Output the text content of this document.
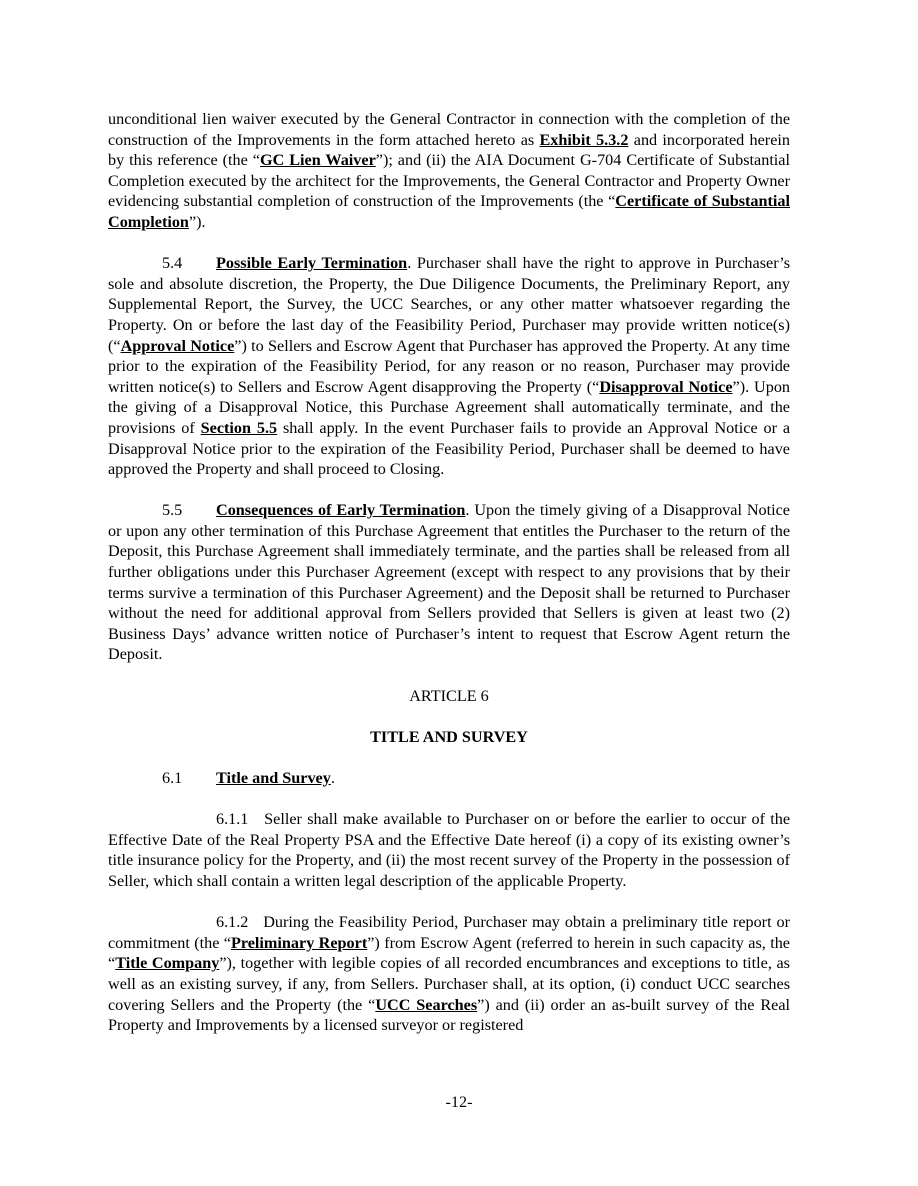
unconditional lien waiver executed by the General Contractor in connection with the completion of the construction of the Improvements in the form attached hereto as Exhibit 5.3.2 and incorporated herein by this reference (the “GC Lien Waiver”); and (ii) the AIA Document G-704 Certificate of Substantial Completion executed by the architect for the Improvements, the General Contractor and Property Owner evidencing substantial completion of construction of the Improvements (the “Certificate of Substantial Completion”).

5.4 Possible Early Termination. Purchaser shall have the right to approve in Purchaser’s sole and absolute discretion, the Property, the Due Diligence Documents, the Preliminary Report, any Supplemental Report, the Survey, the UCC Searches, or any other matter whatsoever regarding the Property. On or before the last day of the Feasibility Period, Purchaser may provide written notice(s) (“Approval Notice”) to Sellers and Escrow Agent that Purchaser has approved the Property. At any time prior to the expiration of the Feasibility Period, for any reason or no reason, Purchaser may provide written notice(s) to Sellers and Escrow Agent disapproving the Property (“Disapproval Notice”). Upon the giving of a Disapproval Notice, this Purchase Agreement shall automatically terminate, and the provisions of Section 5.5 shall apply. In the event Purchaser fails to provide an Approval Notice or a Disapproval Notice prior to the expiration of the Feasibility Period, Purchaser shall be deemed to have approved the Property and shall proceed to Closing.

5.5 Consequences of Early Termination. Upon the timely giving of a Disapproval Notice or upon any other termination of this Purchase Agreement that entitles the Purchaser to the return of the Deposit, this Purchase Agreement shall immediately terminate, and the parties shall be released from all further obligations under this Purchaser Agreement (except with respect to any provisions that by their terms survive a termination of this Purchaser Agreement) and the Deposit shall be returned to Purchaser without the need for additional approval from Sellers provided that Sellers is given at least two (2) Business Days’ advance written notice of Purchaser’s intent to request that Escrow Agent return the Deposit.

ARTICLE 6

TITLE AND SURVEY

6.1 Title and Survey.

6.1.1 Seller shall make available to Purchaser on or before the earlier to occur of the Effective Date of the Real Property PSA and the Effective Date hereof (i) a copy of its existing owner’s title insurance policy for the Property, and (ii) the most recent survey of the Property in the possession of Seller, which shall contain a written legal description of the applicable Property.

6.1.2 During the Feasibility Period, Purchaser may obtain a preliminary title report or commitment (the “Preliminary Report”) from Escrow Agent (referred to herein in such capacity as, the “Title Company”), together with legible copies of all recorded encumbrances and exceptions to title, as well as an existing survey, if any, from Sellers. Purchaser shall, at its option, (i) conduct UCC searches covering Sellers and the Property (the “UCC Searches”) and (ii) order an as-built survey of the Real Property and Improvements by a licensed surveyor or registered

-12-
